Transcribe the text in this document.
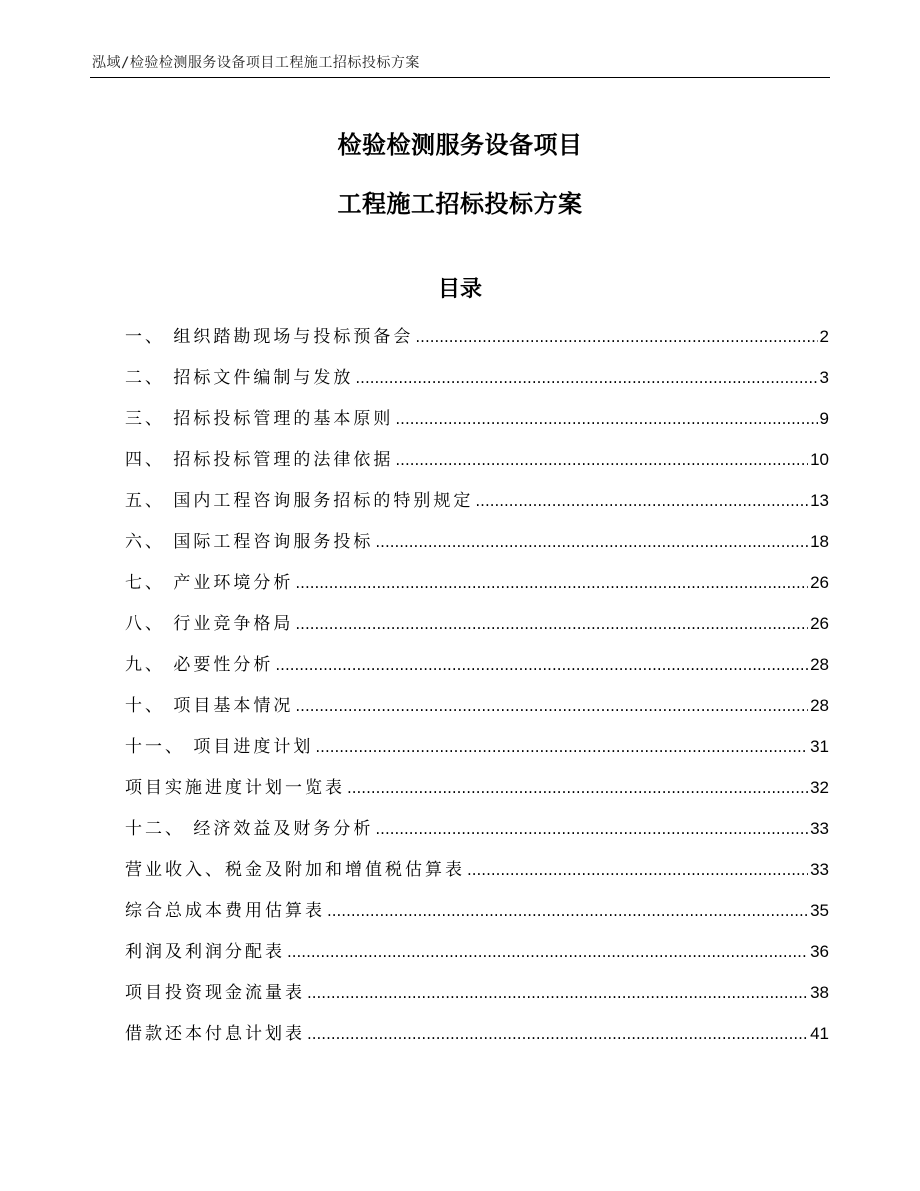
泓域/检验检测服务设备项目工程施工招标投标方案
检验检测服务设备项目
工程施工招标投标方案
目录
一、 组织踏勘现场与投标预备会 .....	2
二、 招标文件编制与发放 .....	3
三、 招标投标管理的基本原则 .....	9
四、 招标投标管理的法律依据 .....	10
五、 国内工程咨询服务招标的特别规定 .....	13
六、 国际工程咨询服务投标 .....	18
七、 产业环境分析 .....	26
八、 行业竞争格局 .....	26
九、 必要性分析 .....	28
十、 项目基本情况 .....	28
十一、 项目进度计划 .....	31
项目实施进度计划一览表 .....	32
十二、 经济效益及财务分析 .....	33
营业收入、税金及附加和增值税估算表 .....	33
综合总成本费用估算表 .....	35
利润及利润分配表 .....	36
项目投资现金流量表 .....	38
借款还本付息计划表 .....	41
